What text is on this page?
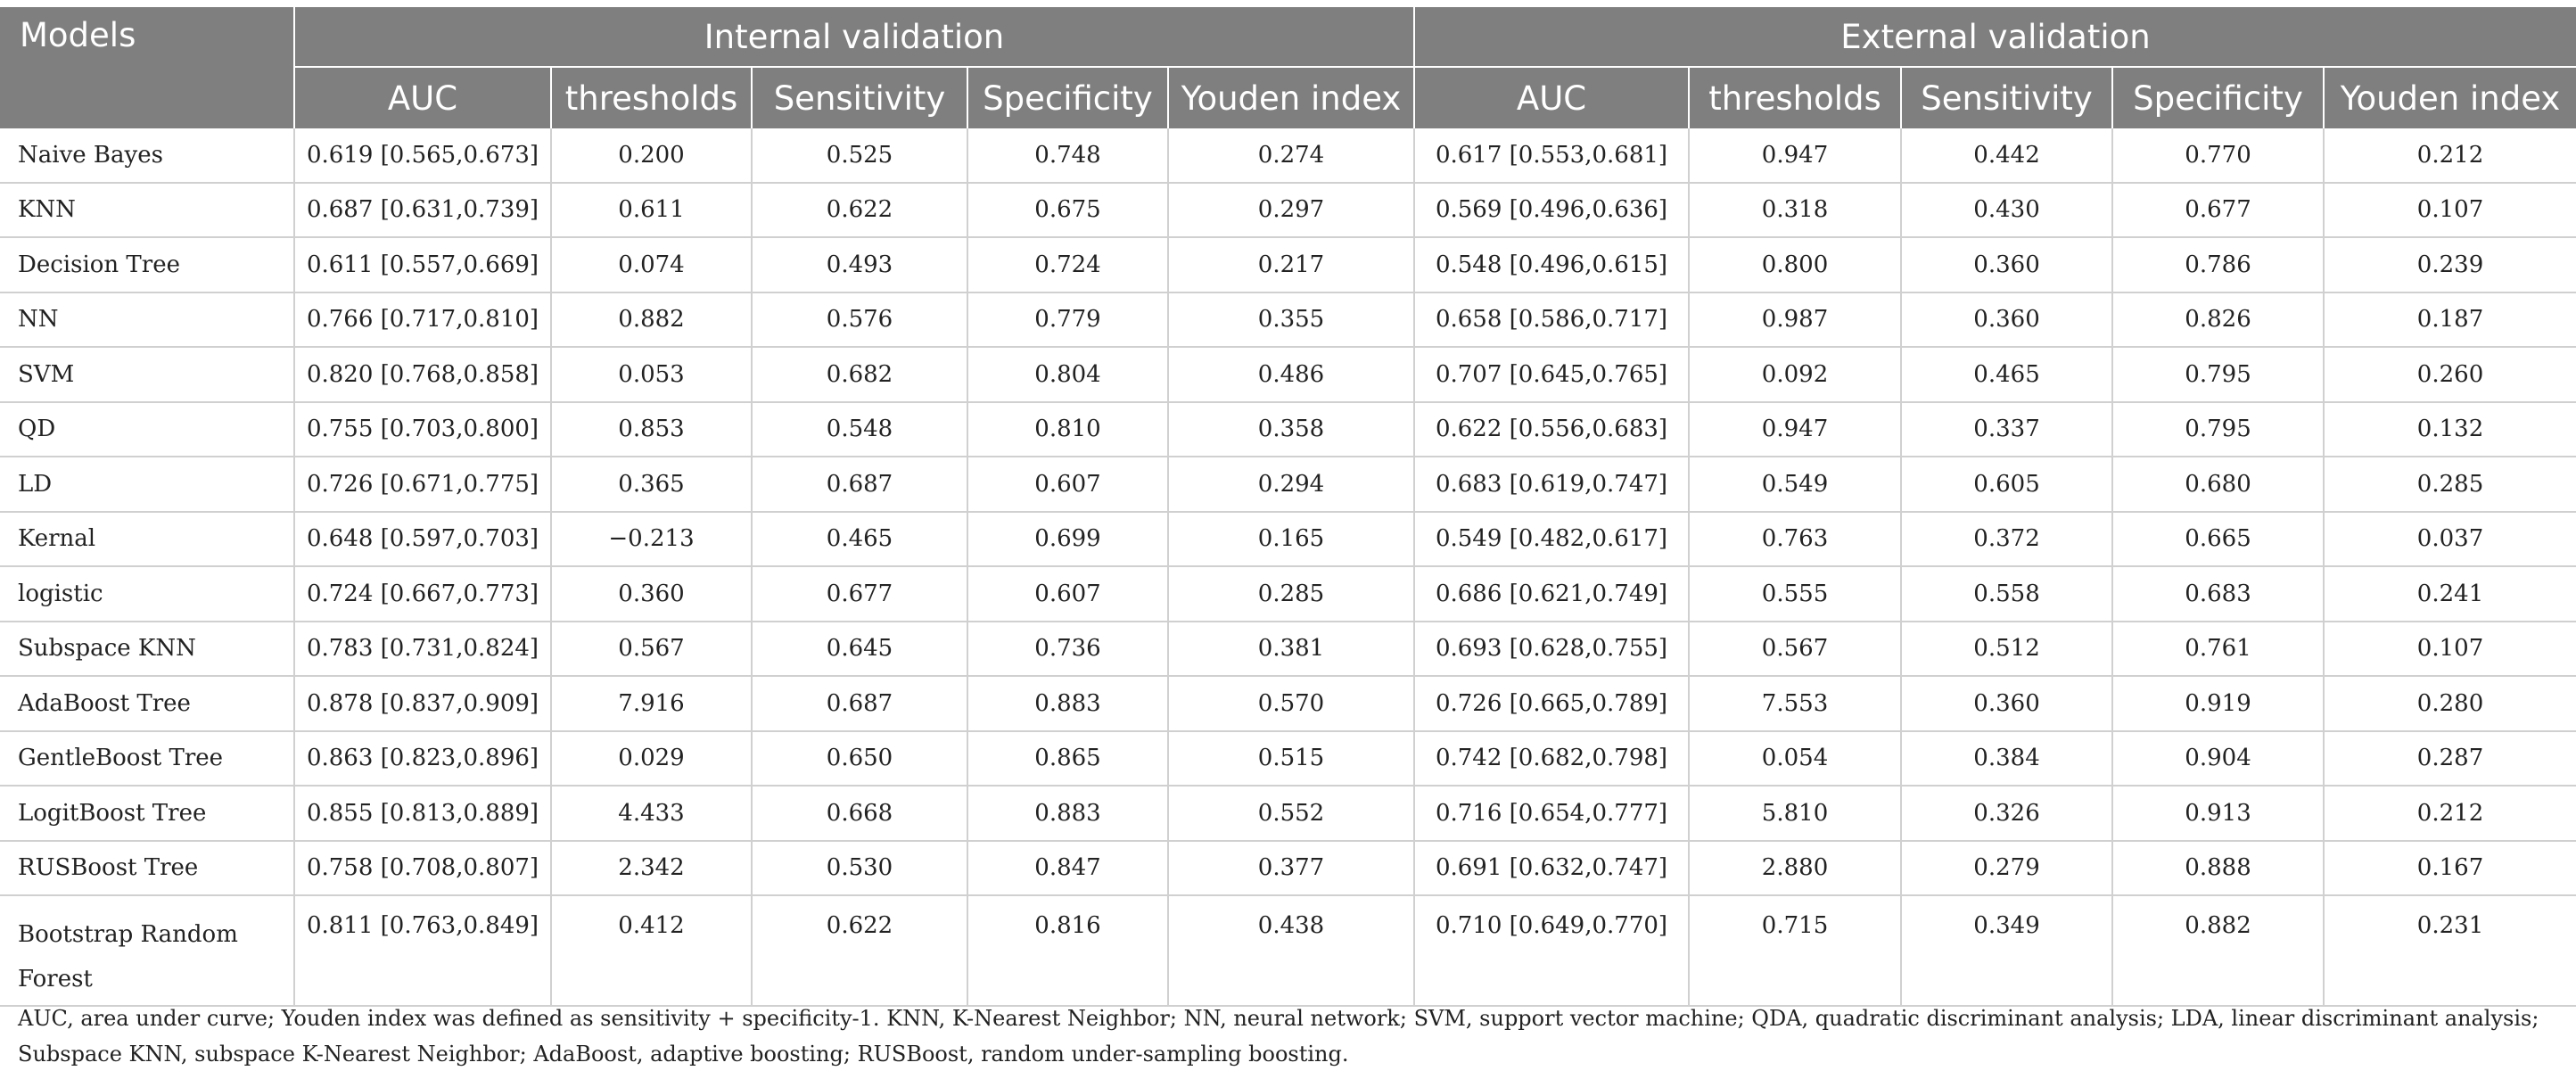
Models	Internal validation					External validation				
	AUC	thresholds	Sensitivity	Specificity	Youden index	AUC	thresholds	Sensitivity	Specificity	Youden index
Naive Bayes	0.619 [0.565,0.673]	0.200	0.525	0.748	0.274	0.617 [0.553,0.681]	0.947	0.442	0.770	0.212
KNN	0.687 [0.631,0.739]	0.611	0.622	0.675	0.297	0.569 [0.496,0.636]	0.318	0.430	0.677	0.107
Decision Tree	0.611 [0.557,0.669]	0.074	0.493	0.724	0.217	0.548 [0.496,0.615]	0.800	0.360	0.786	0.239
NN	0.766 [0.717,0.810]	0.882	0.576	0.779	0.355	0.658 [0.586,0.717]	0.987	0.360	0.826	0.187
SVM	0.820 [0.768,0.858]	0.053	0.682	0.804	0.486	0.707 [0.645,0.765]	0.092	0.465	0.795	0.260
QD	0.755 [0.703,0.800]	0.853	0.548	0.810	0.358	0.622 [0.556,0.683]	0.947	0.337	0.795	0.132
LD	0.726 [0.671,0.775]	0.365	0.687	0.607	0.294	0.683 [0.619,0.747]	0.549	0.605	0.680	0.285
Kernal	0.648 [0.597,0.703]	−0.213	0.465	0.699	0.165	0.549 [0.482,0.617]	0.763	0.372	0.665	0.037
logistic	0.724 [0.667,0.773]	0.360	0.677	0.607	0.285	0.686 [0.621,0.749]	0.555	0.558	0.683	0.241
Subspace KNN	0.783 [0.731,0.824]	0.567	0.645	0.736	0.381	0.693 [0.628,0.755]	0.567	0.512	0.761	0.107
AdaBoost Tree	0.878 [0.837,0.909]	7.916	0.687	0.883	0.570	0.726 [0.665,0.789]	7.553	0.360	0.919	0.280
GentleBoost Tree	0.863 [0.823,0.896]	0.029	0.650	0.865	0.515	0.742 [0.682,0.798]	0.054	0.384	0.904	0.287
LogitBoost Tree	0.855 [0.813,0.889]	4.433	0.668	0.883	0.552	0.716 [0.654,0.777]	5.810	0.326	0.913	0.212
RUSBoost Tree	0.758 [0.708,0.807]	2.342	0.530	0.847	0.377	0.691 [0.632,0.747]	2.880	0.279	0.888	0.167
Bootstrap Random Forest	0.811 [0.763,0.849]	0.412	0.622	0.816	0.438	0.710 [0.649,0.770]	0.715	0.349	0.882	0.231
AUC, area under curve; Youden index was defined as sensitivity + specificity-1. KNN, K-Nearest Neighbor; NN, neural network; SVM, support vector machine; QDA, quadratic discriminant analysis; LDA, linear discriminant analysis; Subspace KNN, subspace K-Nearest Neighbor; AdaBoost, adaptive boosting; RUSBoost, random under-sampling boosting.
